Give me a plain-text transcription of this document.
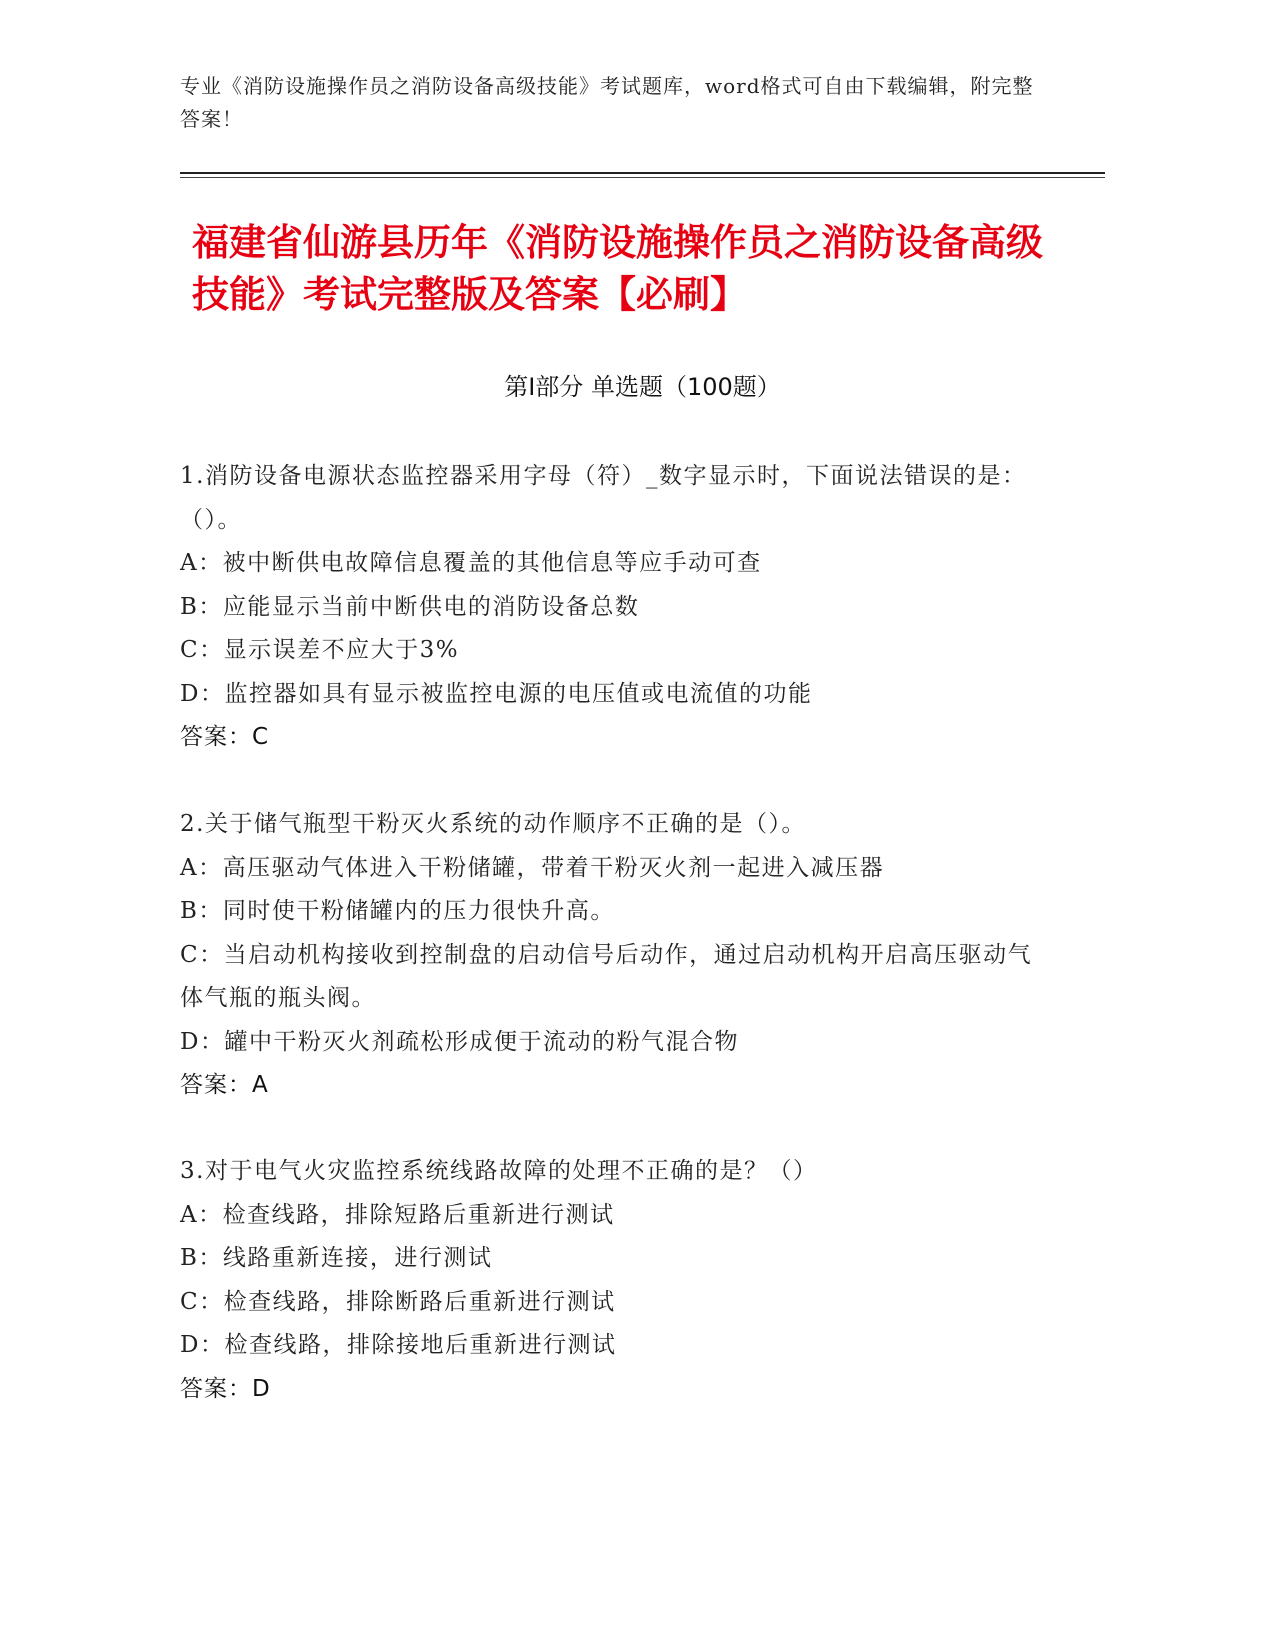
专业《消防设施操作员之消防设备高级技能》考试题库，word格式可自由下载编辑，附完整答案！
福建省仙游县历年《消防设施操作员之消防设备高级技能》考试完整版及答案【必刷】
第Ⅰ部分 单选题（100题）

1.消防设备电源状态监控器采用字母（符）_数字显示时，下面说法错误的是：（）。

A：被中断供电故障信息覆盖的其他信息等应手动可查

B：应能显示当前中断供电的消防设备总数

C：显示误差不应大于3%

D：监控器如具有显示被监控电源的电压值或电流值的功能

答案：C

2.关于储气瓶型干粉灭火系统的动作顺序不正确的是（）。

A：高压驱动气体进入干粉储罐，带着干粉灭火剂一起进入减压器

B：同时使干粉储罐内的压力很快升高。

C：当启动机构接收到控制盘的启动信号后动作，通过启动机构开启高压驱动气体气瓶的瓶头阀。

D：罐中干粉灭火剂疏松形成便于流动的粉气混合物

答案：A

3.对于电气火灾监控系统线路故障的处理不正确的是？（）

A：检查线路，排除短路后重新进行测试

B：线路重新连接，进行测试

C：检查线路，排除断路后重新进行测试

D：检查线路，排除接地后重新进行测试

答案：D
